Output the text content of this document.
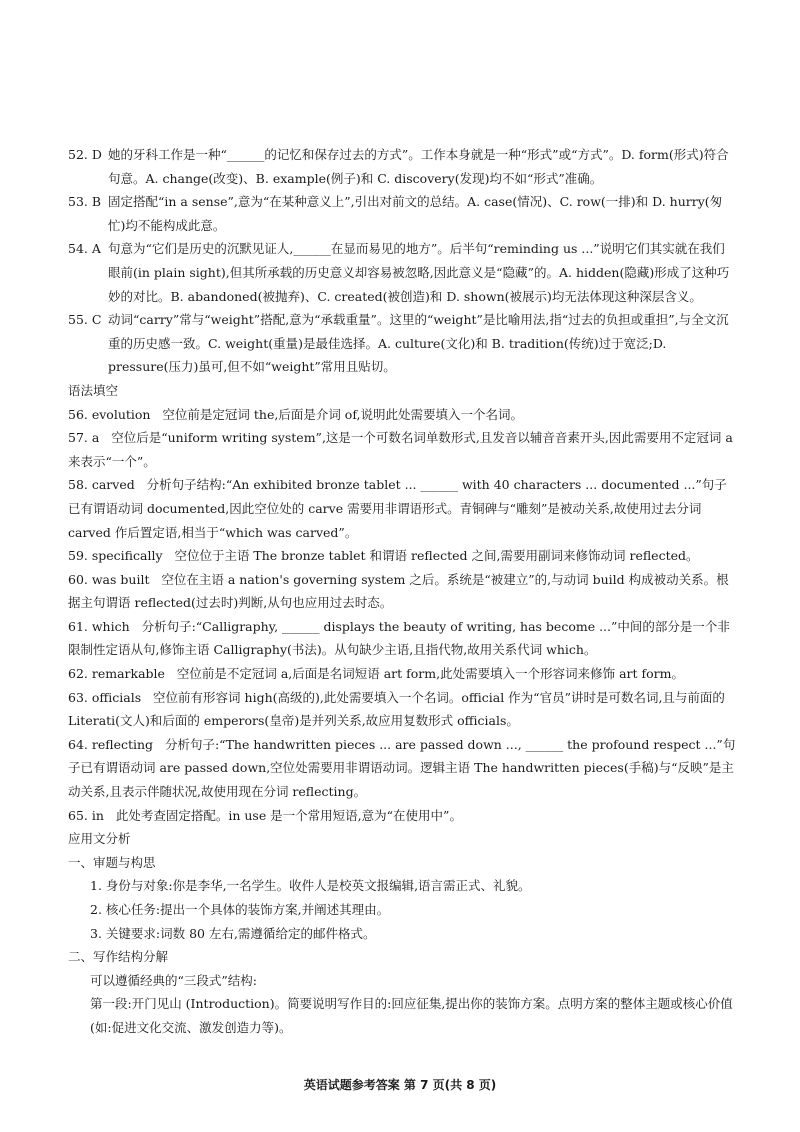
52. D 她的牙科工作是一种“______的记忆和保存过去的方式”。工作本身就是一种“形式”或“方式”。D. form(形式)符合句意。A. change(改变)、B. example(例子)和 C. discovery(发现)均不如“形式”准确。
53. B 固定搭配“in a sense”,意为“在某种意义上”,引出对前文的总结。A. case(情况)、C. row(一排)和 D. hurry(匆忙)均不能构成此意。
54. A 句意为“它们是历史的沉默见证人,______在显而易见的地方”。后半句“reminding us ...”说明它们其实就在我们眼前(in plain sight),但其所承载的历史意义却容易被忽略,因此意义是“隐藏”的。A. hidden(隐藏)形成了这种巧妙的对比。B. abandoned(被抛弃)、C. created(被创造)和 D. shown(被展示)均无法体现这种深层含义。
55. C 动词“carry”常与“weight”搭配,意为“承载重量”。这里的“weight”是比喻用法,指“过去的负担或重担”,与全文沉重的历史感一致。C. weight(重量)是最佳选择。A. culture(文化)和 B. tradition(传统)过于宽泛;D. pressure(压力)虽可,但不如“weight”常用且贴切。
语法填空
56. evolution 空位前是定冠词 the,后面是介词 of,说明此处需要填入一个名词。
57. a 空位后是“uniform writing system”,这是一个可数名词单数形式,且发音以辅音音素开头,因此需要用不定冠词 a 来表示“一个”。
58. carved 分析句子结构:“An exhibited bronze tablet ... ______ with 40 characters ... documented ...”句子已有谓语动词 documented,因此空位处的 carve 需要用非谓语形式。青铜碑与“雕刻”是被动关系,故使用过去分词 carved 作后置定语,相当于“which was carved”。
59. specifically 空位位于主语 The bronze tablet 和谓语 reflected 之间,需要用副词来修饰动词 reflected。
60. was built 空位在主语 a nation's governing system 之后。系统是“被建立”的,与动词 build 构成被动关系。根据主句谓语 reflected(过去时)判断,从句也应用过去时态。
61. which 分析句子:“Calligraphy, ______ displays the beauty of writing, has become ...”中间的部分是一个非限制性定语从句,修饰主语 Calligraphy(书法)。从句缺少主语,且指代物,故用关系代词 which。
62. remarkable 空位前是不定冠词 a,后面是名词短语 art form,此处需要填入一个形容词来修饰 art form。
63. officials 空位前有形容词 high(高级的),此处需要填入一个名词。official 作为“官员”讲时是可数名词,且与前面的 Literati(文人)和后面的 emperors(皇帝)是并列关系,故应用复数形式 officials。
64. reflecting 分析句子:“The handwritten pieces ... are passed down ..., ______ the profound respect ...”句子已有谓语动词 are passed down,空位处需要用非谓语动词。逻辑主语 The handwritten pieces(手稿)与“反映”是主动关系,且表示伴随状况,故使用现在分词 reflecting。
65. in 此处考查固定搭配。in use 是一个常用短语,意为“在使用中”。
应用文分析
一、审题与构思
1. 身份与对象:你是李华,一名学生。收件人是校英文报编辑,语言需正式、礼貌。
2. 核心任务:提出一个具体的装饰方案,并阐述其理由。
3. 关键要求:词数 80 左右,需遵循给定的邮件格式。
二、写作结构分解
可以遵循经典的“三段式”结构:
第一段:开门见山 (Introduction)。简要说明写作目的:回应征集,提出你的装饰方案。点明方案的整体主题或核心价值(如:促进文化交流、激发创造力等)。
英语试题参考答案 第 7 页(共 8 页)
